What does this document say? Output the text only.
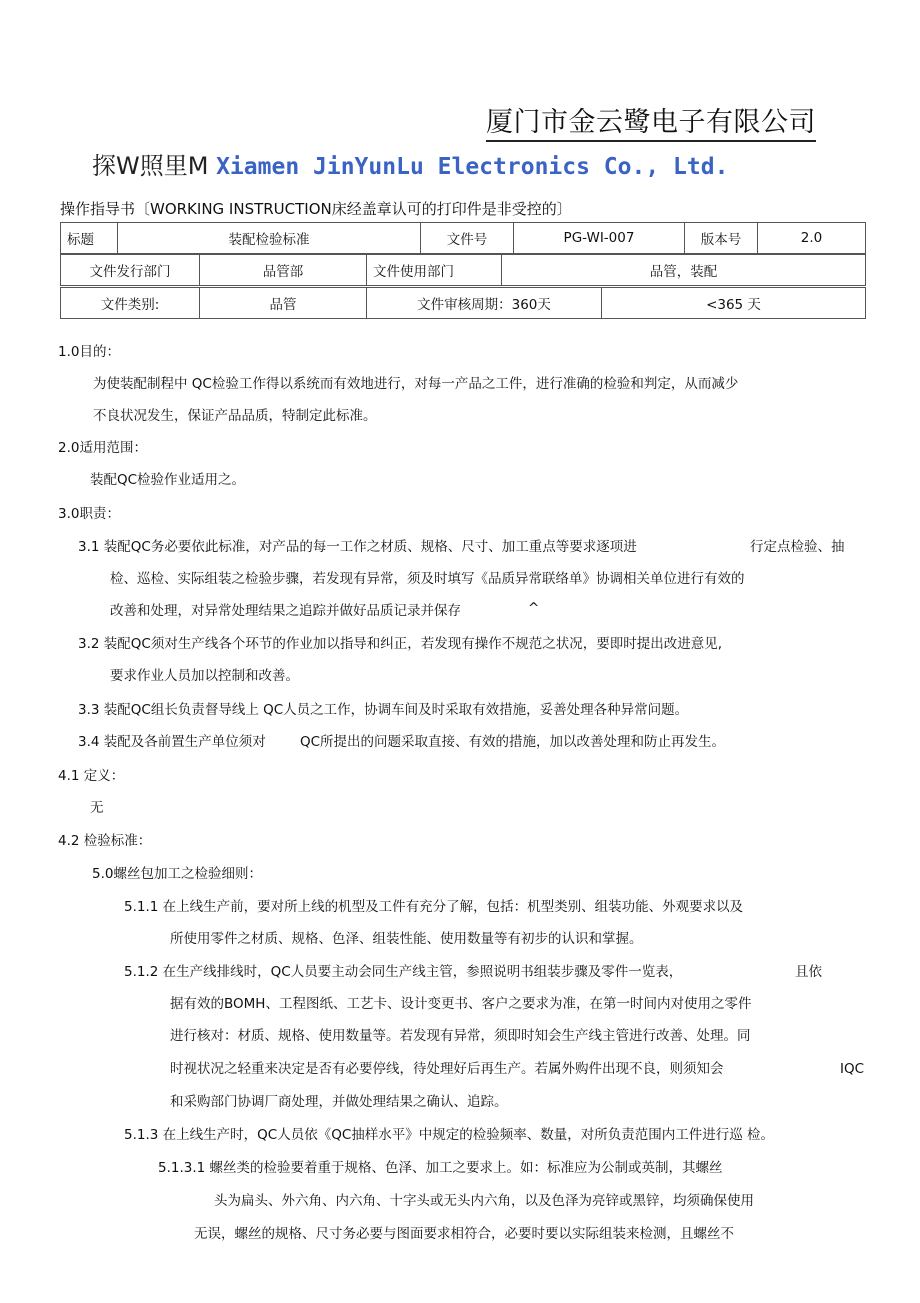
厦门市金云鹭电子有限公司
探W照里M Xiamen JinYunLu Electronics Co., Ltd.
操作指导书〔WORKING INSTRUCTION床经盖章认可的打印件是非受控的〕
标题	装配检验标准	文件号	PG-WI-007	版本号	2.0
文件发行部门	品管部	文件使用部门	品管，装配
文件类别:	品管	文件审核周期：360天	<365 天
1.0目的：
为使装配制程中 QC检验工作得以系统而有效地进行，对每一产品之工件，进行准确的检验和判定，从而减少
不良状况发生，保证产品品质，特制定此标准。
2.0适用范围：
装配QC检验作业适用之。
3.0职责：
3.1 装配QC务必要依此标准，对产品的每一工作之材质、规格、尺寸、加工重点等要求逐项进	行定点检验、抽
检、巡检、实际组装之检验步骤，若发现有异常，须及时填写《品质异常联络单》协调相关单位进行有效的
改善和处理，对异常处理结果之追踪并做好品质记录并保存	^
3.2 装配QC须对生产线各个环节的作业加以指导和纠正，若发现有操作不规范之状况，要即时提出改进意见,
要求作业人员加以控制和改善。
3.3 装配QC组长负责督导线上 QC人员之工作，协调车间及时采取有效措施，妥善处理各种异常问题。
3.4 装配及各前置生产单位须对	QC所提出的问题采取直接、有效的措施，加以改善处理和防止再发生。
4.1 定义：
无
4.2 检验标准：
5.0螺丝包加工之检验细则：
5.1.1 在上线生产前，要对所上线的机型及工件有充分了解，包括：机型类别、组装功能、外观要求以及
所使用零件之材质、规格、色泽、组装性能、使用数量等有初步的认识和掌握。
5.1.2 在生产线排线时，QC人员要主动会同生产线主管，参照说明书组装步骤及零件一览表，	且依
据有效的BOMH、工程图纸、工艺卡、设计变更书、客户之要求为准，在第一时间内对使用之零件
进行核对：材质、规格、使用数量等。若发现有异常，须即时知会生产线主管进行改善、处理。同
时视状况之轻重来决定是否有必要停线，待处理好后再生产。若属外购件出现不良，则须知会	IQC
和采购部门协调厂商处理，并做处理结果之确认、追踪。
5.1.3 在上线生产时，QC人员依《QC抽样水平》中规定的检验频率、数量，对所负责范围内工件进行巡 检。
5.1.3.1 螺丝类的检验要着重于规格、色泽、加工之要求上。如：标准应为公制或英制，其螺丝
头为扁头、外六角、内六角、十字头或无头内六角，以及色泽为亮锌或黑锌，均须确保使用
无误，螺丝的规格、尺寸务必要与图面要求相符合，必要时要以实际组装来检测，且螺丝不
